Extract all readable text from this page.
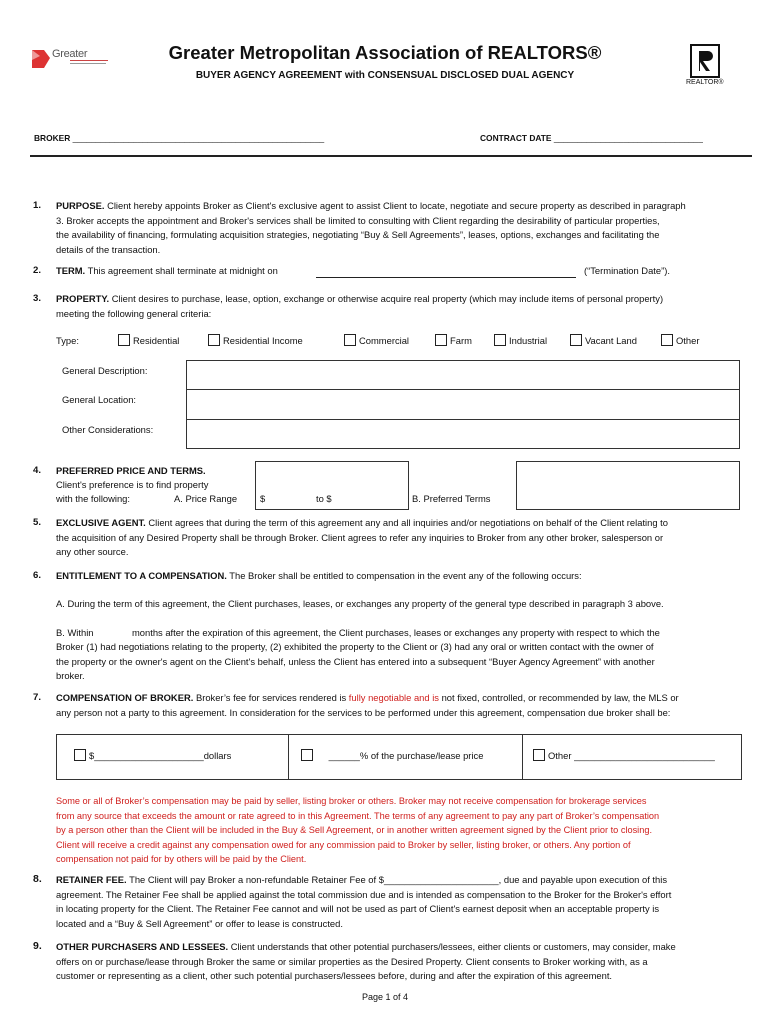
Greater	Greater Metropolitan Association of REALTORS®
BUYER AGENCY AGREEMENT with CONSENSUAL DISCLOSED DUAL AGENCY
REALTOR®
BROKER ______________________________________________________	CONTRACT DATE ________________________________
1. PURPOSE. Client hereby appoints Broker as Client's exclusive agent to assist Client to locate, negotiate and secure property as described in paragraph
3. Broker accepts the appointment and Broker's services shall be limited to consulting with Client regarding the desirability of particular properties,
the availability of financing, formulating acquisition strategies, negotiating “Buy & Sell Agreements”, leases, options, exchanges and facilitating the
details of the transaction.
2. TERM. This agreement shall terminate at midnight on	(“Termination Date”).
3. PROPERTY. Client desires to purchase, lease, option, exchange or otherwise acquire real property (which may include items of personal property)
meeting the following general criteria:
Type:	Residential	Residential Income	Commercial	Farm	Industrial	Vacant Land	Other
General Description:
General Location:
Other Considerations:
4. PREFERRED PRICE AND TERMS.
Client's preference is to find property
with the following:	A. Price Range $	to $	B. Preferred Terms
5. EXCLUSIVE AGENT. Client agrees that during the term of this agreement any and all inquiries and/or negotiations on behalf of the Client relating to
the acquisition of any Desired Property shall be through Broker. Client agrees to refer any inquiries to Broker from any other broker, salesperson or
any other source.
6. ENTITLEMENT TO A COMPENSATION. The Broker shall be entitled to compensation in the event any of the following occurs:
A. During the term of this agreement, the Client purchases, leases, or exchanges any property of the general type described in paragraph 3 above.
B. Within	months after the expiration of this agreement, the Client purchases, leases or exchanges any property with respect to which the
Broker (1) had negotiations relating to the property, (2) exhibited the property to the Client or (3) had any oral or written contact with the owner of
the property or the owner's agent on the Client's behalf, unless the Client has entered into a subsequent “Buyer Agency Agreement” with another
broker.
7. COMPENSATION OF BROKER. Broker’s fee for services rendered is fully negotiable and is not fixed, controlled, or recommended by law, the MLS or
any person not a party to this agreement. In consideration for the services to be performed under this agreement, compensation due broker shall be:
$_____________________dollars	______% of the purchase/lease price	Other ___________________________
Some or all of Broker’s compensation may be paid by seller, listing broker or others. Broker may not receive compensation for brokerage services
from any source that exceeds the amount or rate agreed to in this Agreement. The terms of any agreement to pay any part of Broker’s compensation
by a person other than the Client will be included in the Buy & Sell Agreement, or in another written agreement signed by the Client prior to closing.
Client will receive a credit against any compensation owed for any commission paid to Broker by seller, listing broker, or others. Any portion of
compensation not paid for by others will be paid by the Client.
8. RETAINER FEE. The Client will pay Broker a non-refundable Retainer Fee of $______________________, due and payable upon execution of this
agreement. The Retainer Fee shall be applied against the total commission due and is intended as compensation to the Broker for the Broker's effort
in locating property for the Client. The Retainer Fee cannot and will not be used as part of Client's earnest deposit when an acceptable property is
located and a “Buy & Sell Agreement” or offer to lease is constructed.
9. OTHER PURCHASERS AND LESSEES. Client understands that other potential purchasers/lessees, either clients or customers, may consider, make
offers on or purchase/lease through Broker the same or similar properties as the Desired Property. Client consents to Broker working with, as a
customer or representing as a client, other such potential purchasers/lessees before, during and after the expiration of this agreement.
Page 1 of 4
